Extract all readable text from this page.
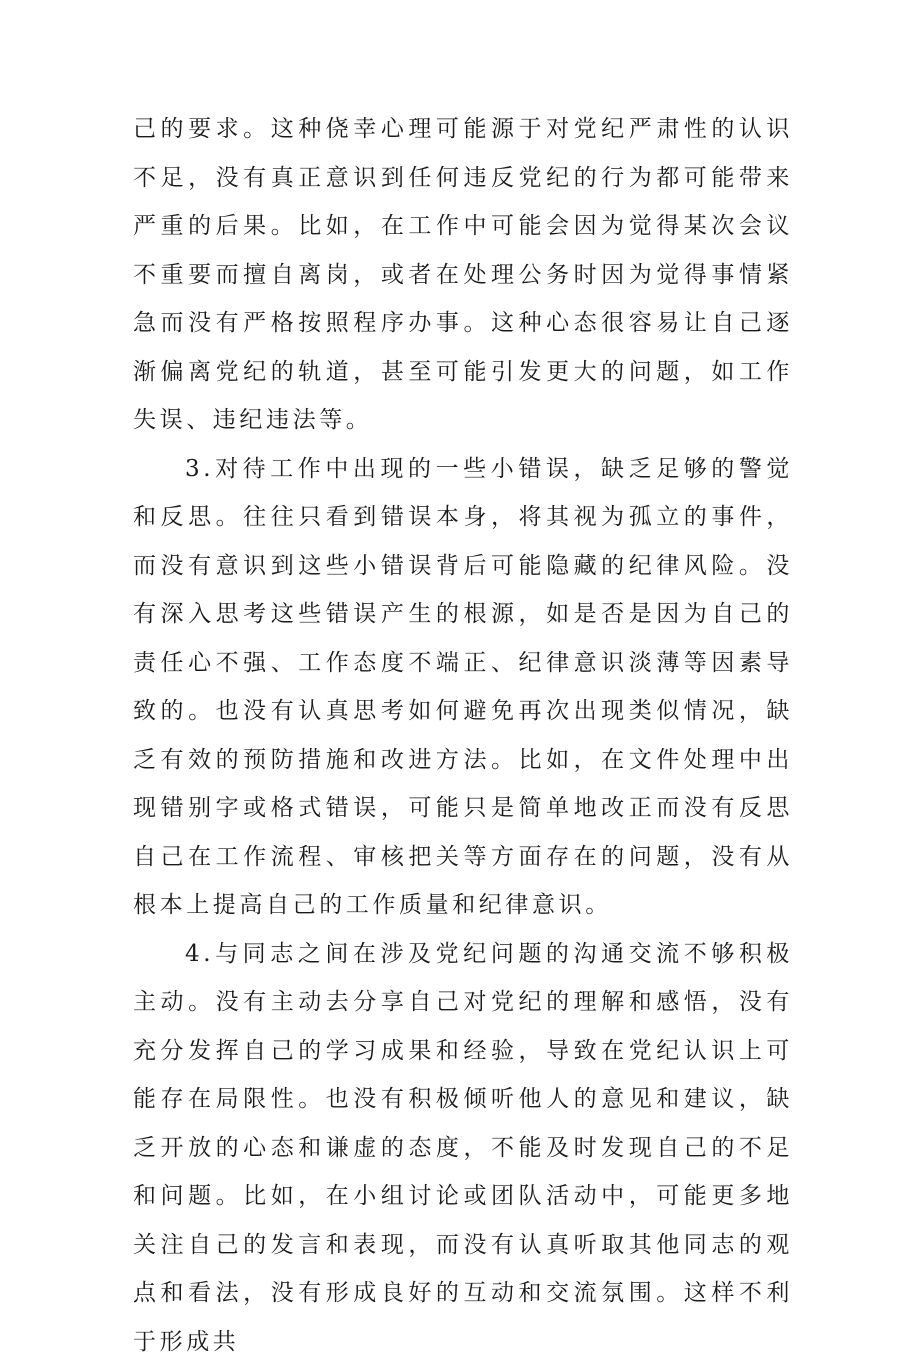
己的要求。这种侥幸心理可能源于对党纪严肃性的认识不足，没有真正意识到任何违反党纪的行为都可能带来严重的后果。比如，在工作中可能会因为觉得某次会议不重要而擅自离岗，或者在处理公务时因为觉得事情紧急而没有严格按照程序办事。这种心态很容易让自己逐渐偏离党纪的轨道，甚至可能引发更大的问题，如工作失误、违纪违法等。

3.对待工作中出现的一些小错误，缺乏足够的警觉和反思。往往只看到错误本身，将其视为孤立的事件，而没有意识到这些小错误背后可能隐藏的纪律风险。没有深入思考这些错误产生的根源，如是否是因为自己的责任心不强、工作态度不端正、纪律意识淡薄等因素导致的。也没有认真思考如何避免再次出现类似情况，缺乏有效的预防措施和改进方法。比如，在文件处理中出现错别字或格式错误，可能只是简单地改正而没有反思自己在工作流程、审核把关等方面存在的问题，没有从根本上提高自己的工作质量和纪律意识。

4.与同志之间在涉及党纪问题的沟通交流不够积极主动。没有主动去分享自己对党纪的理解和感悟，没有充分发挥自己的学习成果和经验，导致在党纪认识上可能存在局限性。也没有积极倾听他人的意见和建议，缺乏开放的心态和谦虚的态度，不能及时发现自己的不足和问题。比如，在小组讨论或团队活动中，可能更多地关注自己的发言和表现，而没有认真听取其他同志的观点和看法，没有形成良好的互动和交流氛围。这样不利于形成共
